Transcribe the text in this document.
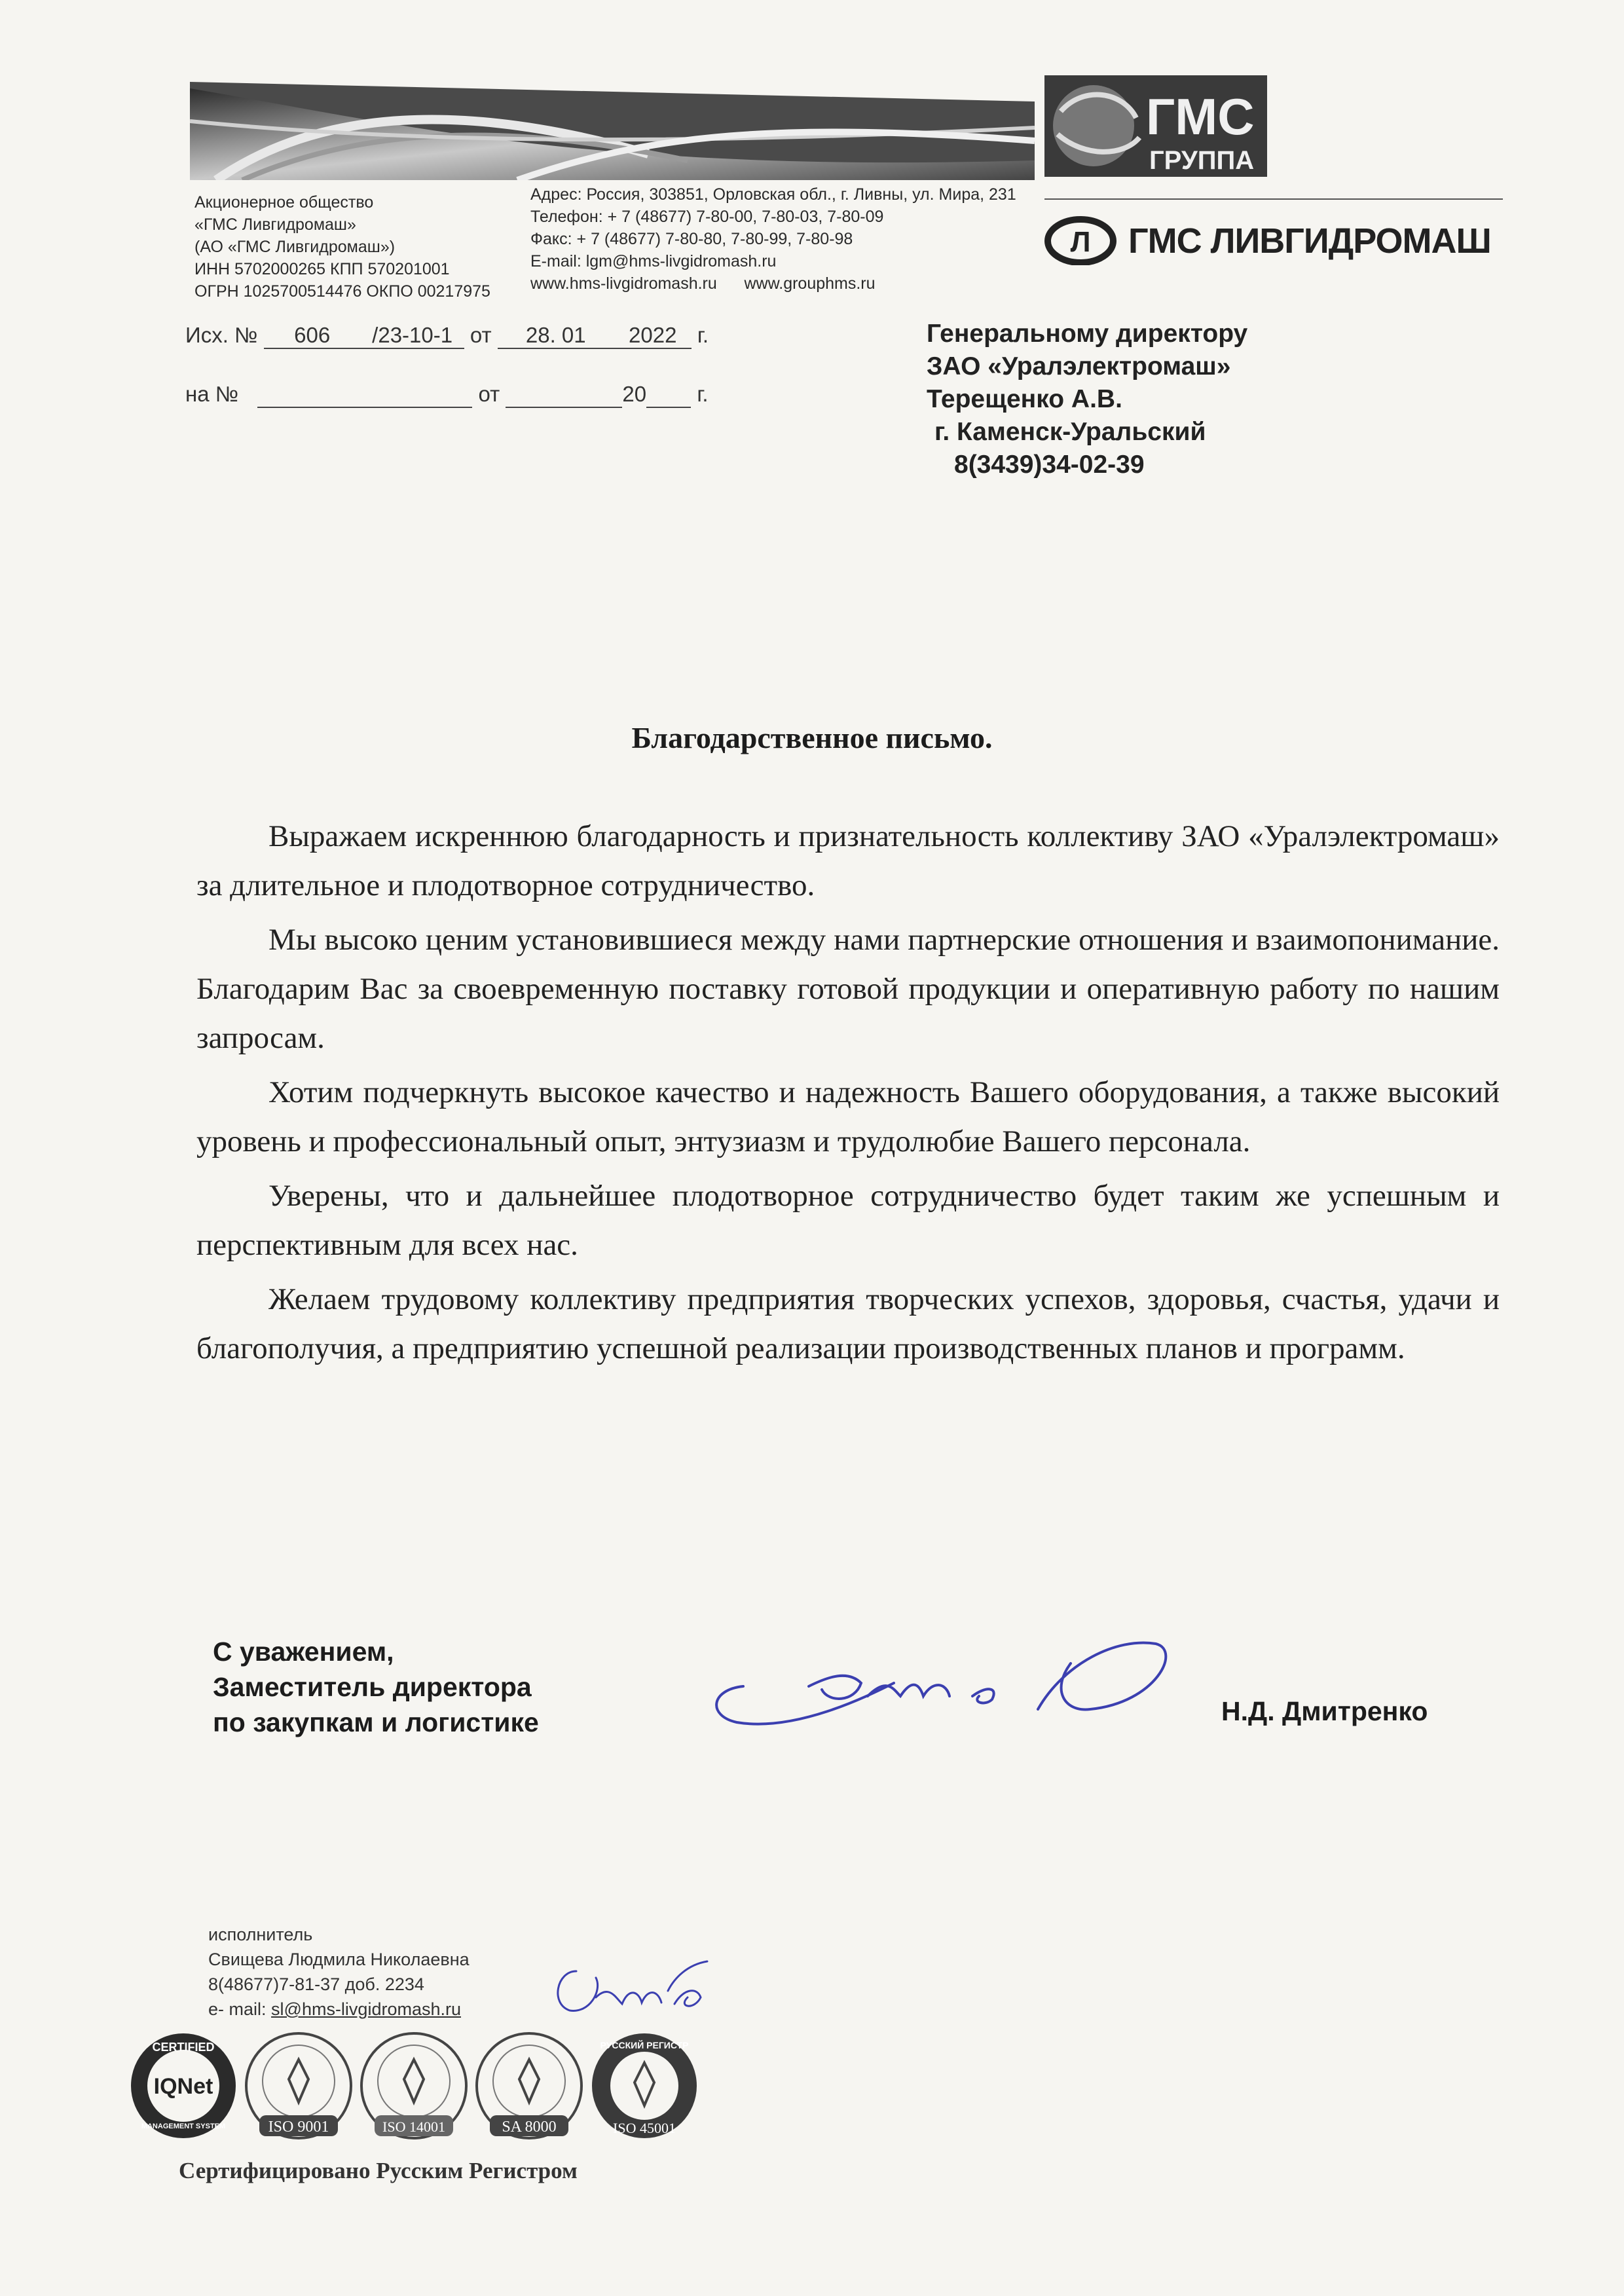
ГМС
ГРУППА
Акционерное общество
«ГМС Ливгидромаш»
(АО «ГМС Ливгидромаш»)
ИНН 5702000265 КПП 570201001
ОГРН 1025700514476 ОКПО 00217975
Адрес: Россия, 303851, Орловская обл., г. Ливны, ул. Мира, 231
Телефон: + 7 (48677) 7-80-00, 7-80-03, 7-80-09
Факс: + 7 (48677) 7-80-80, 7-80-99, 7-80-98
E-mail: lgm@hms-livgidromash.ru
www.hms-livgidromash.ru      www.grouphms.ru
Л ГМС ЛИВГИДРОМАШ
Исх. № 606 /23-10-1 от 28. 01 2022 г.
на №	от	20 г.
Генеральному директору
ЗАО «Уралэлектромаш»
Терещенко А.В.
г. Каменск-Уральский
8(3439)34-02-39
Благодарственное письмо.

Выражаем искреннюю благодарность и признательность коллективу ЗАО «Уралэлектромаш» за длительное и плодотворное сотрудничество.

Мы высоко ценим установившиеся между нами партнерские отношения и взаимопонимание. Благодарим Вас за своевременную поставку готовой продукции и оперативную работу по нашим запросам.

Хотим подчеркнуть высокое качество и надежность Вашего оборудования, а также высокий уровень и профессиональный опыт, энтузиазм и трудолюбие Вашего персонала.

Уверены, что и дальнейшее плодотворное сотрудничество будет таким же успешным и перспективным для всех нас.

Желаем трудовому коллективу предприятия творческих успехов, здоровья, счастья, удачи и благополучия, а предприятию успешной реализации производственных планов и программ.

С уважением,
Заместитель директора
по закупкам и логистике	Н.Д. Дмитренко
исполнитель
Свищева Людмила Николаевна
8(48677)7-81-37 доб. 2234
e- mail: sl@hms-livgidromash.ru
CERTIFIED
IQNet
MANAGEMENT SYSTEM	ISO 9001	ISO 14001	SA 8000
РУССКИЙ РЕГИСТР
ISO 45001
Сертифицировано Русским Регистром
